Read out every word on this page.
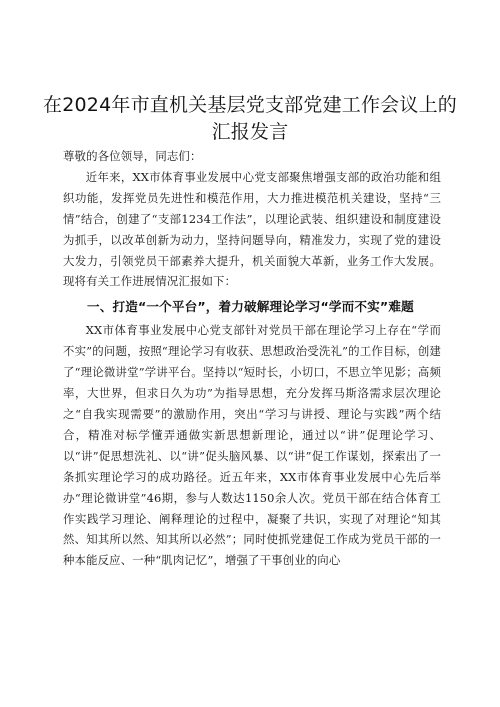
在2024年市直机关基层党支部党建工作会议上的汇报发言

尊敬的各位领导，同志们：

近年来，XX市体育事业发展中心党支部聚焦增强支部的政治功能和组织功能，发挥党员先进性和模范作用，大力推进模范机关建设，坚持“三情”结合，创建了“支部1234工作法”，以理论武装、组织建设和制度建设为抓手，以改革创新为动力，坚持问题导向，精准发力，实现了党的建设大发力，引领党员干部素养大提升，机关面貌大革新，业务工作大发展。现将有关工作进展情况汇报如下：

一、打造“一个平台”，着力破解理论学习“学而不实”难题

XX市体育事业发展中心党支部针对党员干部在理论学习上存在“学而不实”的问题，按照“理论学习有收获、思想政治受洗礼”的工作目标，创建了“理论微讲堂”学讲平台。坚持以“短时长，小切口，不思立竿见影；高频率，大世界，但求日久为功”为指导思想，充分发挥马斯洛需求层次理论之“自我实现需要”的激励作用，突出“学习与讲授、理论与实践”两个结合，精准对标学懂弄通做实新思想新理论，通过以“讲”促理论学习、以“讲”促思想洗礼、以“讲”促头脑风暴、以“讲”促工作谋划，探索出了一条抓实理论学习的成功路径。近五年来，XX市体育事业发展中心先后举办“理论微讲堂”46期，参与人数达1150余人次。党员干部在结合体育工作实践学习理论、阐释理论的过程中，凝聚了共识，实现了对理论“知其然、知其所以然、知其所以必然”；同时使抓党建促工作成为党员干部的一种本能反应、一种“肌肉记忆”，增强了干事创业的向心
